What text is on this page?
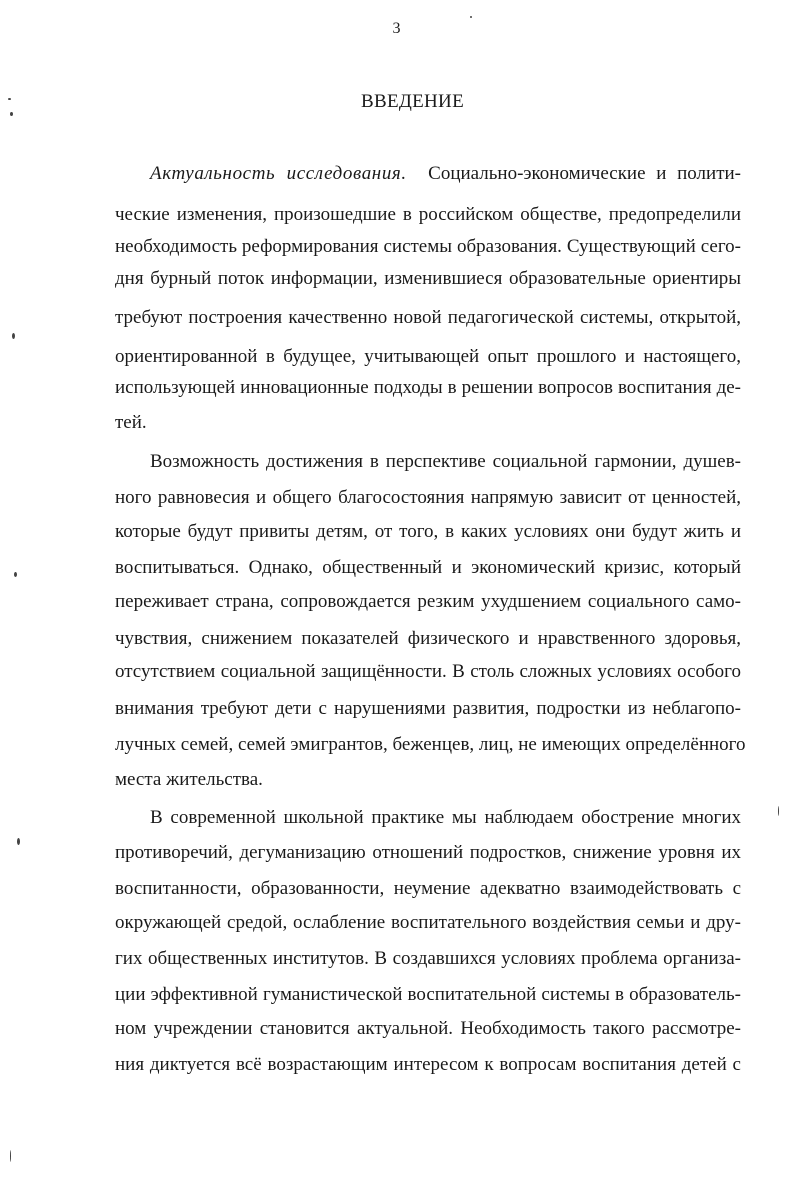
3
ВВЕДЕНИЕ
Актуальность исследования. Социально-экономические и полити-
ческие изменения, произошедшие в российском обществе, предопределили
необходимость реформирования системы образования. Существующий сего-
дня бурный поток информации, изменившиеся образовательные ориентиры
требуют построения качественно новой педагогической системы, открытой,
ориентированной в будущее, учитывающей опыт прошлого и настоящего,
использующей инновационные подходы в решении вопросов воспитания де-
тей.
Возможность достижения в перспективе социальной гармонии, душев-
ного равновесия и общего благосостояния напрямую зависит от ценностей,
которые будут привиты детям, от того, в каких условиях они будут жить и
воспитываться. Однако, общественный и экономический кризис, который
переживает страна, сопровождается резким ухудшением социального само-
чувствия, снижением показателей физического и нравственного здоровья,
отсутствием социальной защищённости. В столь сложных условиях особого
внимания требуют дети с нарушениями развития, подростки из неблагопо-
лучных семей, семей эмигрантов, беженцев, лиц, не имеющих определённого
места жительства.
В современной школьной практике мы наблюдаем обострение многих
противоречий, дегуманизацию отношений подростков, снижение уровня их
воспитанности, образованности, неумение адекватно взаимодействовать с
окружающей средой, ослабление воспитательного воздействия семьи и дру-
гих общественных институтов. В создавшихся условиях проблема организа-
ции эффективной гуманистической воспитательной системы в образователь-
ном учреждении становится актуальной. Необходимость такого рассмотре-
ния диктуется всё возрастающим интересом к вопросам воспитания детей с
